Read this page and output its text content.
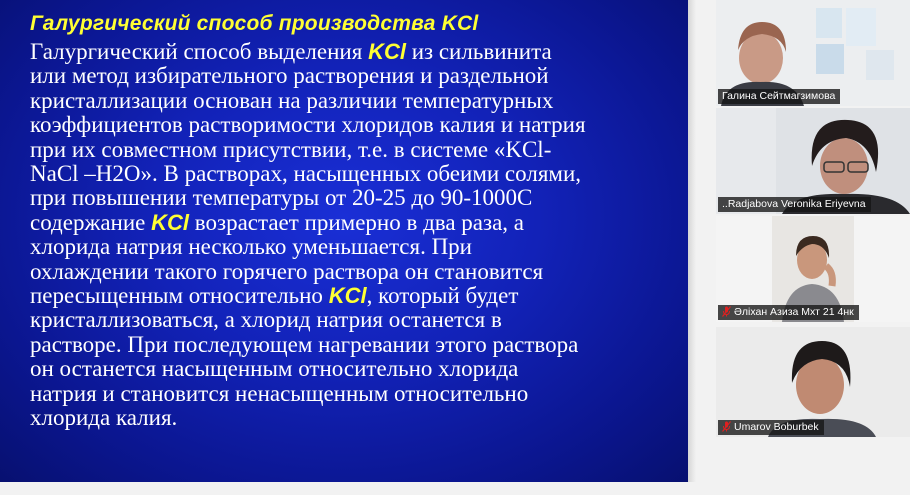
Галургический способ производства KCl
Галургический способ выделения KCl из сильвинита
или метод избирательного растворения и раздельной
кристаллизации основан на различии температурных
коэффициентов растворимости хлоридов калия и натрия
при их совместном присутствии, т.е. в системе «KCl-
NaCl –H2O». В растворах, насыщенных обеими солями,
при повышении температуры от 20-25 до 90-1000С
содержание KCl возрастает примерно в два раза, а
хлорида натрия несколько уменьшается. При
охлаждении такого горячего раствора он становится
пересыщенным относительно KCl, который будет
кристаллизоваться, а хлорид натрия останется в
растворе. При последующем нагревании этого раствора
он останется насыщенным относительно хлорида
натрия и становится ненасыщенным относительно
хлорида калия.
Галина Сейтмагзимова
..Radjabova Veronika Eriyevna
Әліхан Азиза Мхт 21 4нк
Umarov Boburbek
